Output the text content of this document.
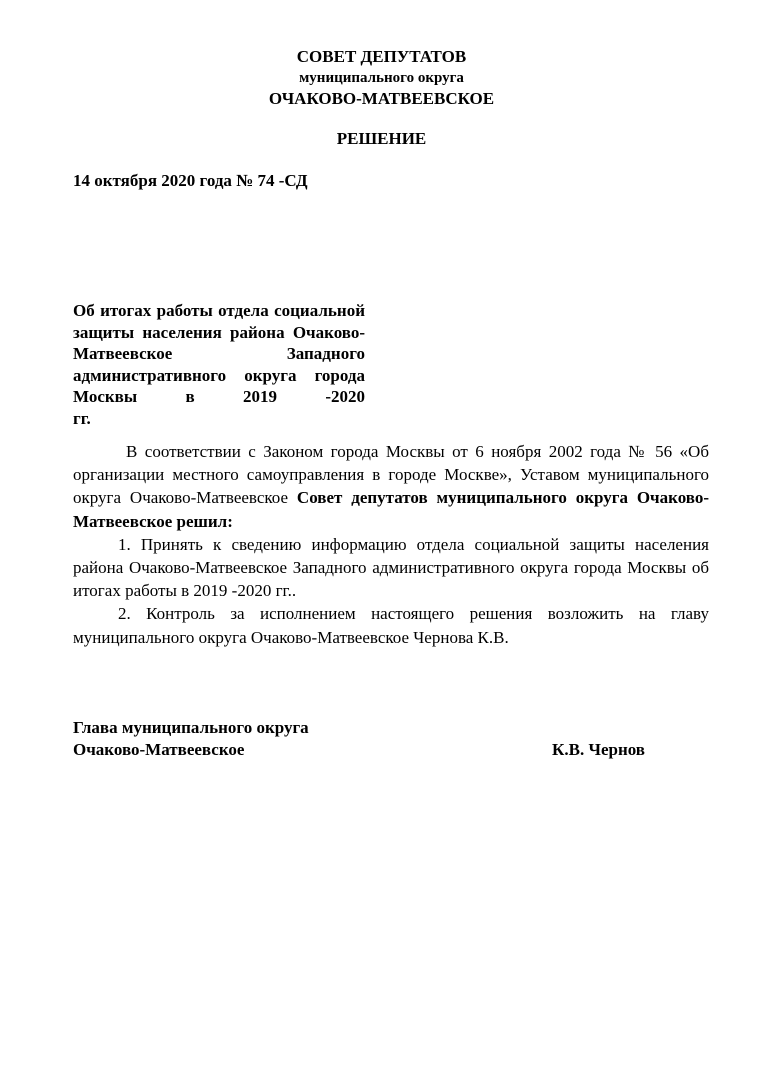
СОВЕТ ДЕПУТАТОВ
муниципального округа
ОЧАКОВО-МАТВЕЕВСКОЕ
РЕШЕНИЕ
14 октября 2020 года № 74 -СД
Об итогах работы отдела социальной защиты населения района Очаково-Матвеевское Западного административного округа города Москвы в 2019 -2020
гг.

В соответствии с Законом города Москвы от 6 ноября 2002 года № 56 «Об организации местного самоуправления в городе Москве», Уставом муниципального округа Очаково-Матвеевское Совет депутатов муниципального округа Очаково-Матвеевское решил:

1. Принять к сведению информацию отдела социальной защиты населения района Очаково-Матвеевское Западного административного округа города Москвы об итогах работы в 2019 -2020 гг..

2. Контроль за исполнением настоящего решения возложить на главу муниципального округа Очаково-Матвеевское Чернова К.В.

Глава муниципального округа
Очаково-Матвеевское	К.В. Чернов
